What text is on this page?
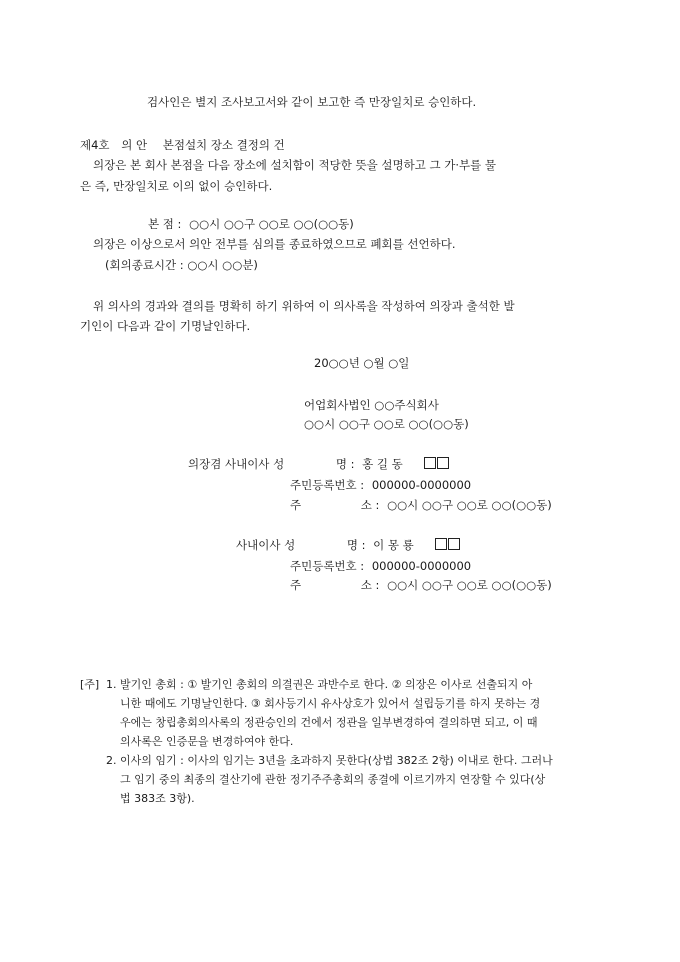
검사인은 별지 조사보고서와 같이 보고한 즉 만장일치로 승인하다.
제4호 의 안 본점설치 장소 결정의 건
의장은 본 회사 본점을 다음 장소에 설치함이 적당한 뜻을 설명하고 그 가·부를 물
은 즉, 만장일치로 이의 없이 승인하다.
본 점 : ○○시 ○○구 ○○로 ○○(○○동)
의장은 이상으로서 의안 전부를 심의를 종료하였으므로 폐회를 선언하다.
(회의종료시간 : ○○시 ○○분)
위 의사의 경과와 결의를 명확히 하기 위하여 이 의사록을 작성하여 의장과 출석한 발
기인이 다음과 같이 기명날인하다.
20○○년 ○월 ○일
어업회사법인 ○○주식회사
○○시 ○○구 ○○로 ○○(○○동)
의장겸 사내이사 성	명 : 홍 길 동
주민등록번호 : 000000-0000000
주	소 : ○○시 ○○구 ○○로 ○○(○○동)
사내이사 성	명 : 이 몽 룡
주민등록번호 : 000000-0000000
주	소 : ○○시 ○○구 ○○로 ○○(○○동)
[주] 1. 발기인 총회 : ① 발기인 총회의 의결권은 과반수로 한다. ② 의장은 이사로 선출되지 아
니한 때에도 기명날인한다. ③ 회사등기시 유사상호가 있어서 설립등기를 하지 못하는 경
우에는 창립총회의사록의 정관승인의 건에서 정관을 일부변경하여 결의하면 되고, 이 때
의사록은 인증문을 변경하여야 한다.
2. 이사의 임기 : 이사의 임기는 3년을 초과하지 못한다(상법 382조 2항) 이내로 한다. 그러나
그 임기 중의 최종의 결산기에 관한 정기주주총회의 종결에 이르기까지 연장할 수 있다(상
법 383조 3항).
